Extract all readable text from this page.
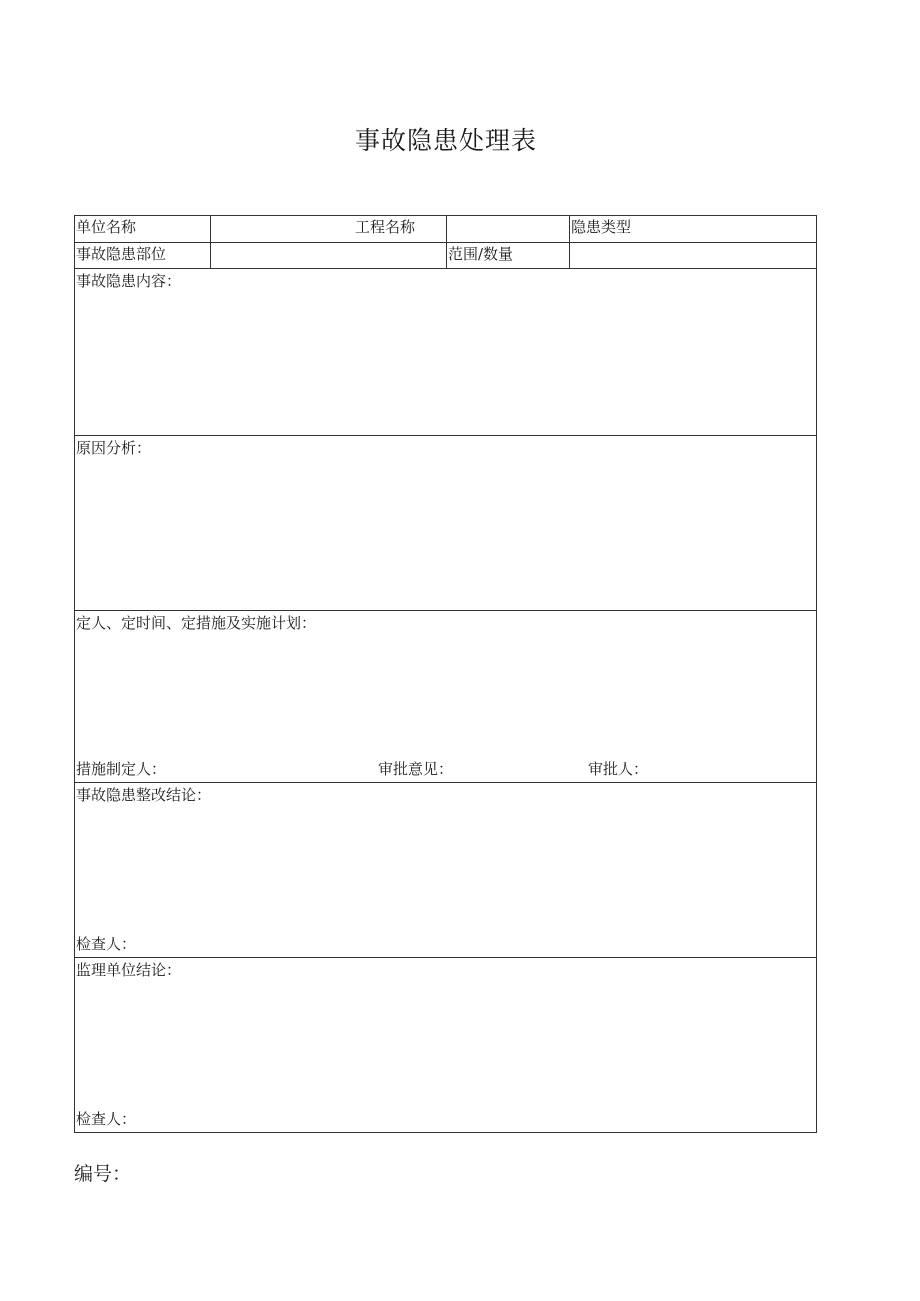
事故隐患处理表
单位名称	工程名称	隐患类型
事故隐患部位	范围/数量
事故隐患内容：
原因分析：
定人、定时间、定措施及实施计划：
措施制定人：	审批意见：	审批人：
事故隐患整改结论：
检查人：
监理单位结论：
检查人：
编号：
